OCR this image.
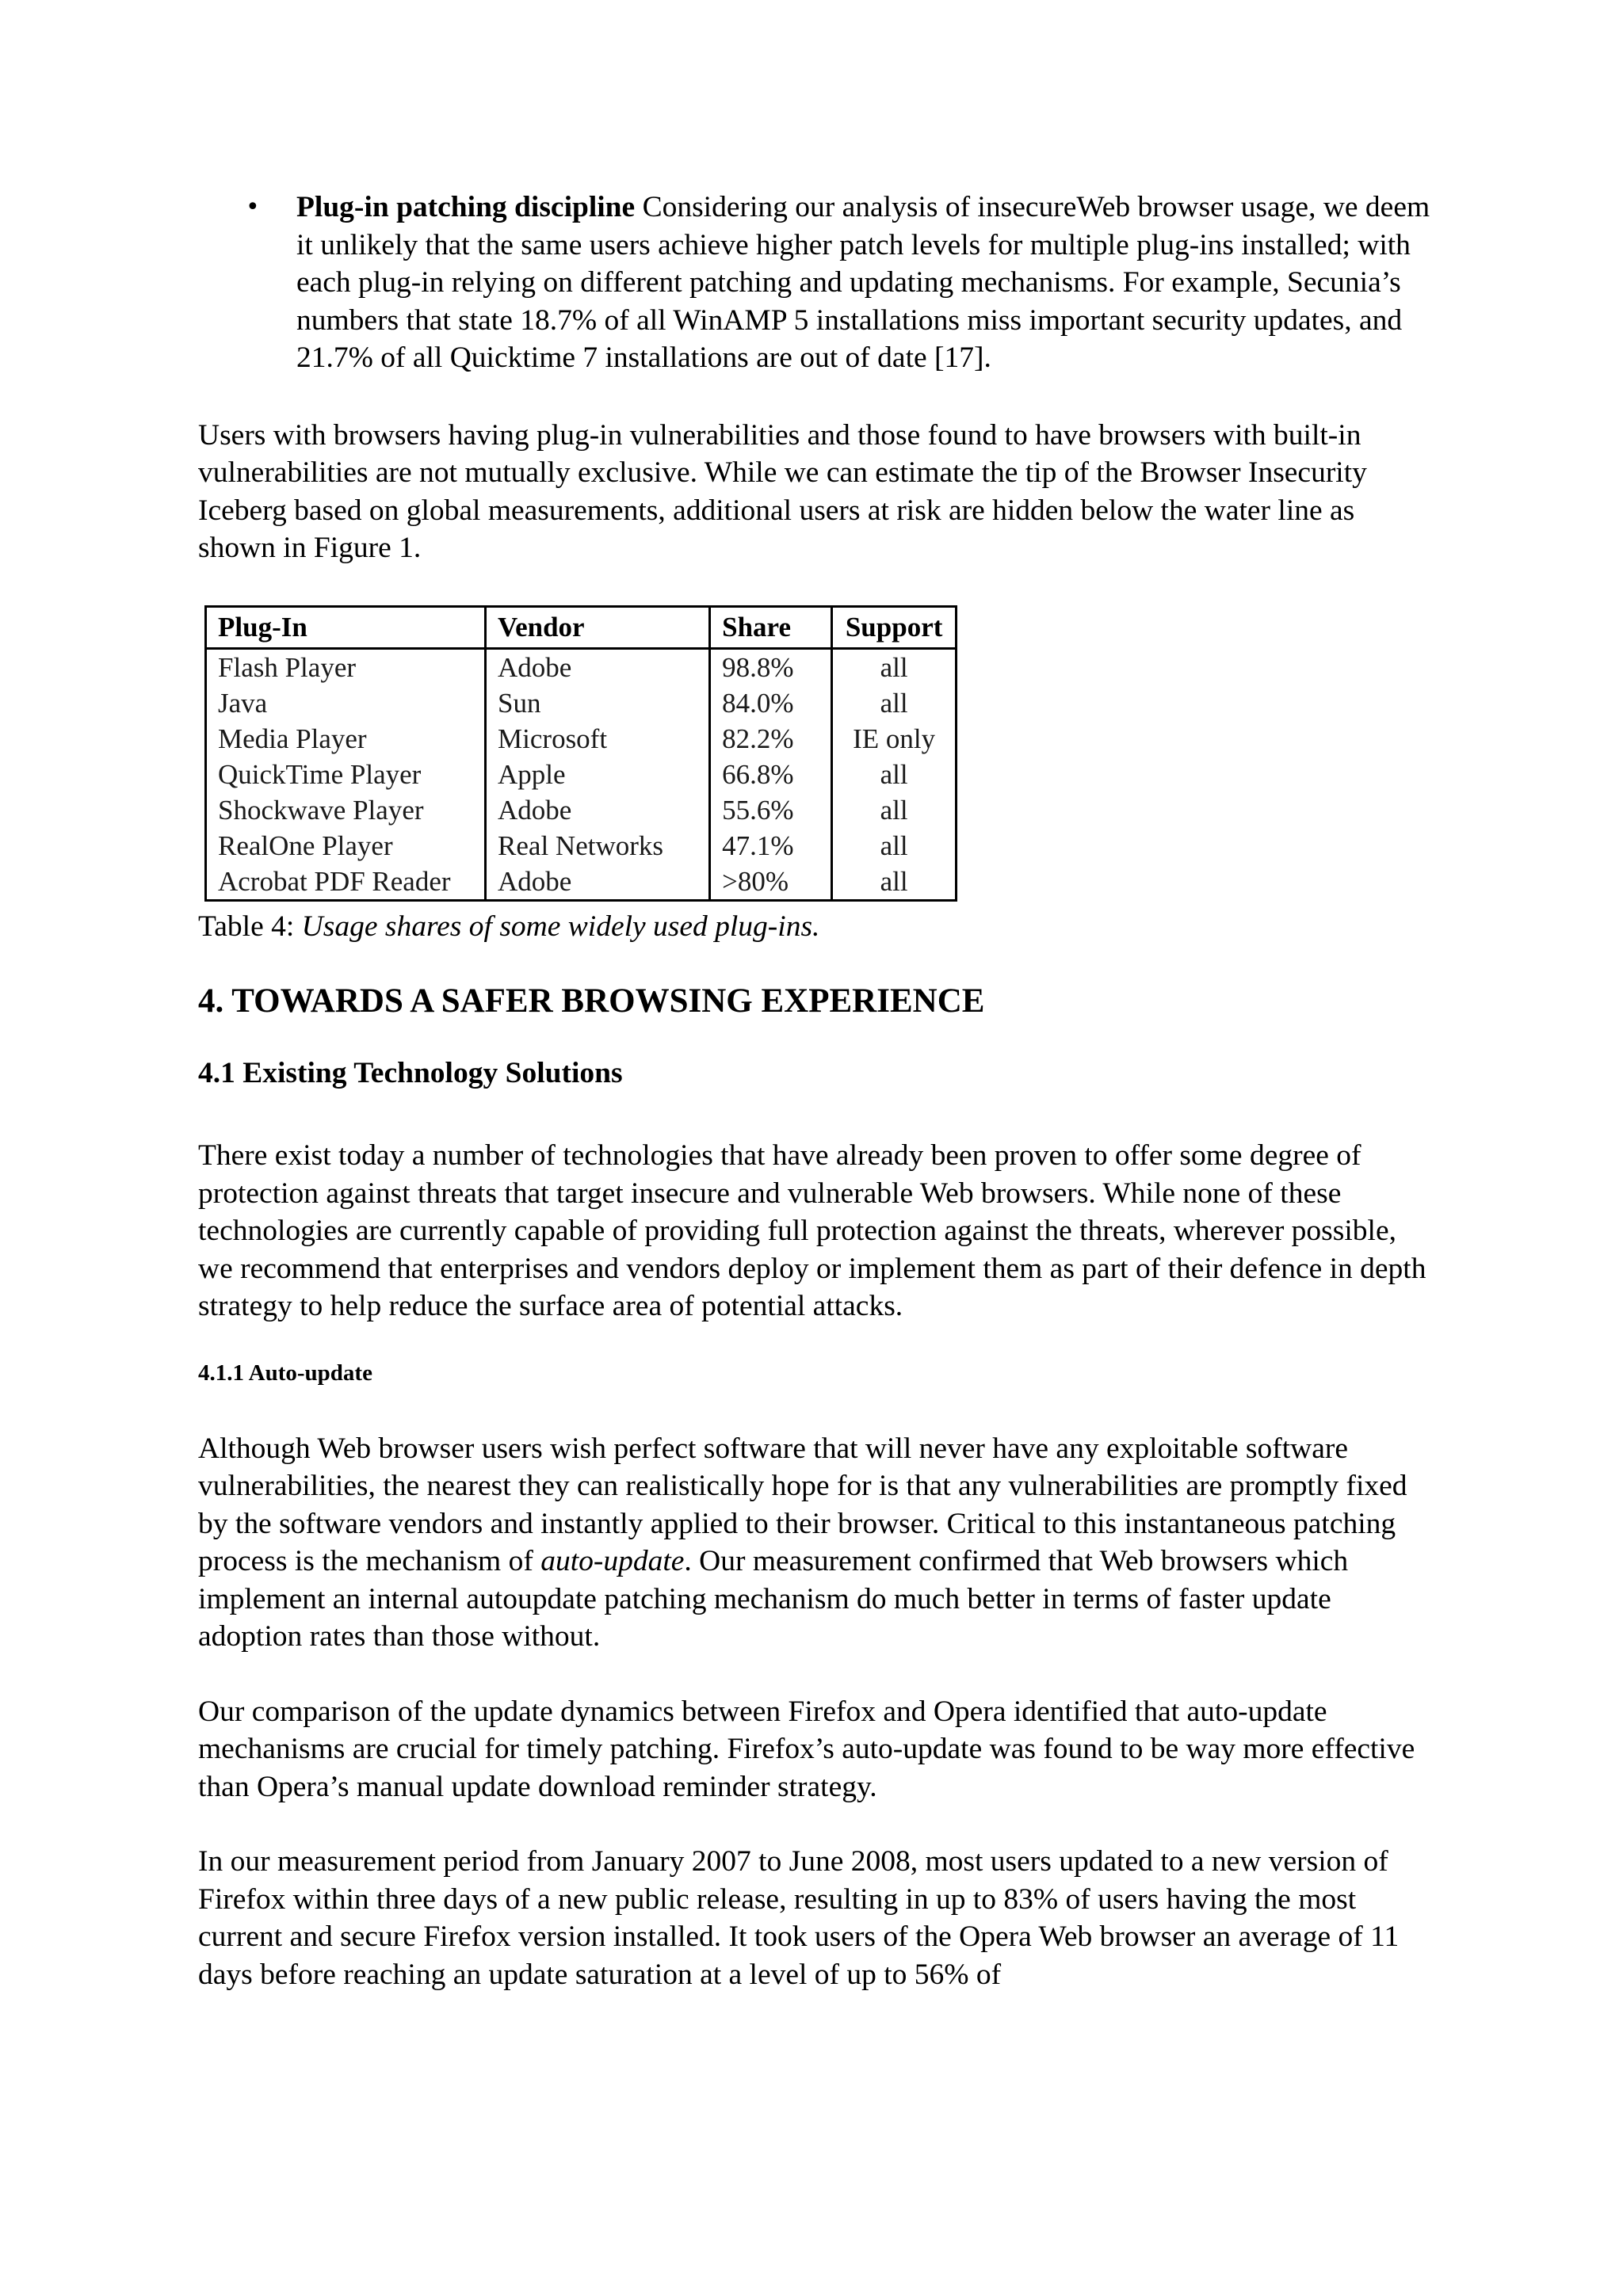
• Plug-in patching discipline Considering our analysis of insecureWeb browser usage, we deem it unlikely that the same users achieve higher patch levels for multiple plug-ins installed; with each plug-in relying on different patching and updating mechanisms. For example, Secunia’s numbers that state 18.7% of all WinAMP 5 installations miss important security updates, and 21.7% of all Quicktime 7 installations are out of date [17].

Users with browsers having plug-in vulnerabilities and those found to have browsers with built-in vulnerabilities are not mutually exclusive. While we can estimate the tip of the Browser Insecurity Iceberg based on global measurements, additional users at risk are hidden below the water line as shown in Figure 1.

Plug-In	Vendor	Share	Support
Flash Player	Adobe	98.8%	all
Java	Sun	84.0%	all
Media Player	Microsoft	82.2%	IE only
QuickTime Player	Apple	66.8%	all
Shockwave Player	Adobe	55.6%	all
RealOne Player	Real Networks	47.1%	all
Acrobat PDF Reader	Adobe	>80%	all

Table 4: Usage shares of some widely used plug-ins.

4. TOWARDS A SAFER BROWSING EXPERIENCE
4.1 Existing Technology Solutions

There exist today a number of technologies that have already been proven to offer some degree of protection against threats that target insecure and vulnerable Web browsers. While none of these technologies are currently capable of providing full protection against the threats, wherever possible, we recommend that enterprises and vendors deploy or implement them as part of their defence in depth strategy to help reduce the surface area of potential attacks.

4.1.1 Auto-update

Although Web browser users wish perfect software that will never have any exploitable software vulnerabilities, the nearest they can realistically hope for is that any vulnerabilities are promptly fixed by the software vendors and instantly applied to their browser. Critical to this instantaneous patching process is the mechanism of auto-update. Our measurement confirmed that Web browsers which implement an internal autoupdate patching mechanism do much better in terms of faster update adoption rates than those without.

Our comparison of the update dynamics between Firefox and Opera identified that auto-update mechanisms are crucial for timely patching. Firefox’s auto-update was found to be way more effective than Opera’s manual update download reminder strategy.

In our measurement period from January 2007 to June 2008, most users updated to a new version of Firefox within three days of a new public release, resulting in up to 83% of users having the most current and secure Firefox version installed. It took users of the Opera Web browser an average of 11 days before reaching an update saturation at a level of up to 56% of
